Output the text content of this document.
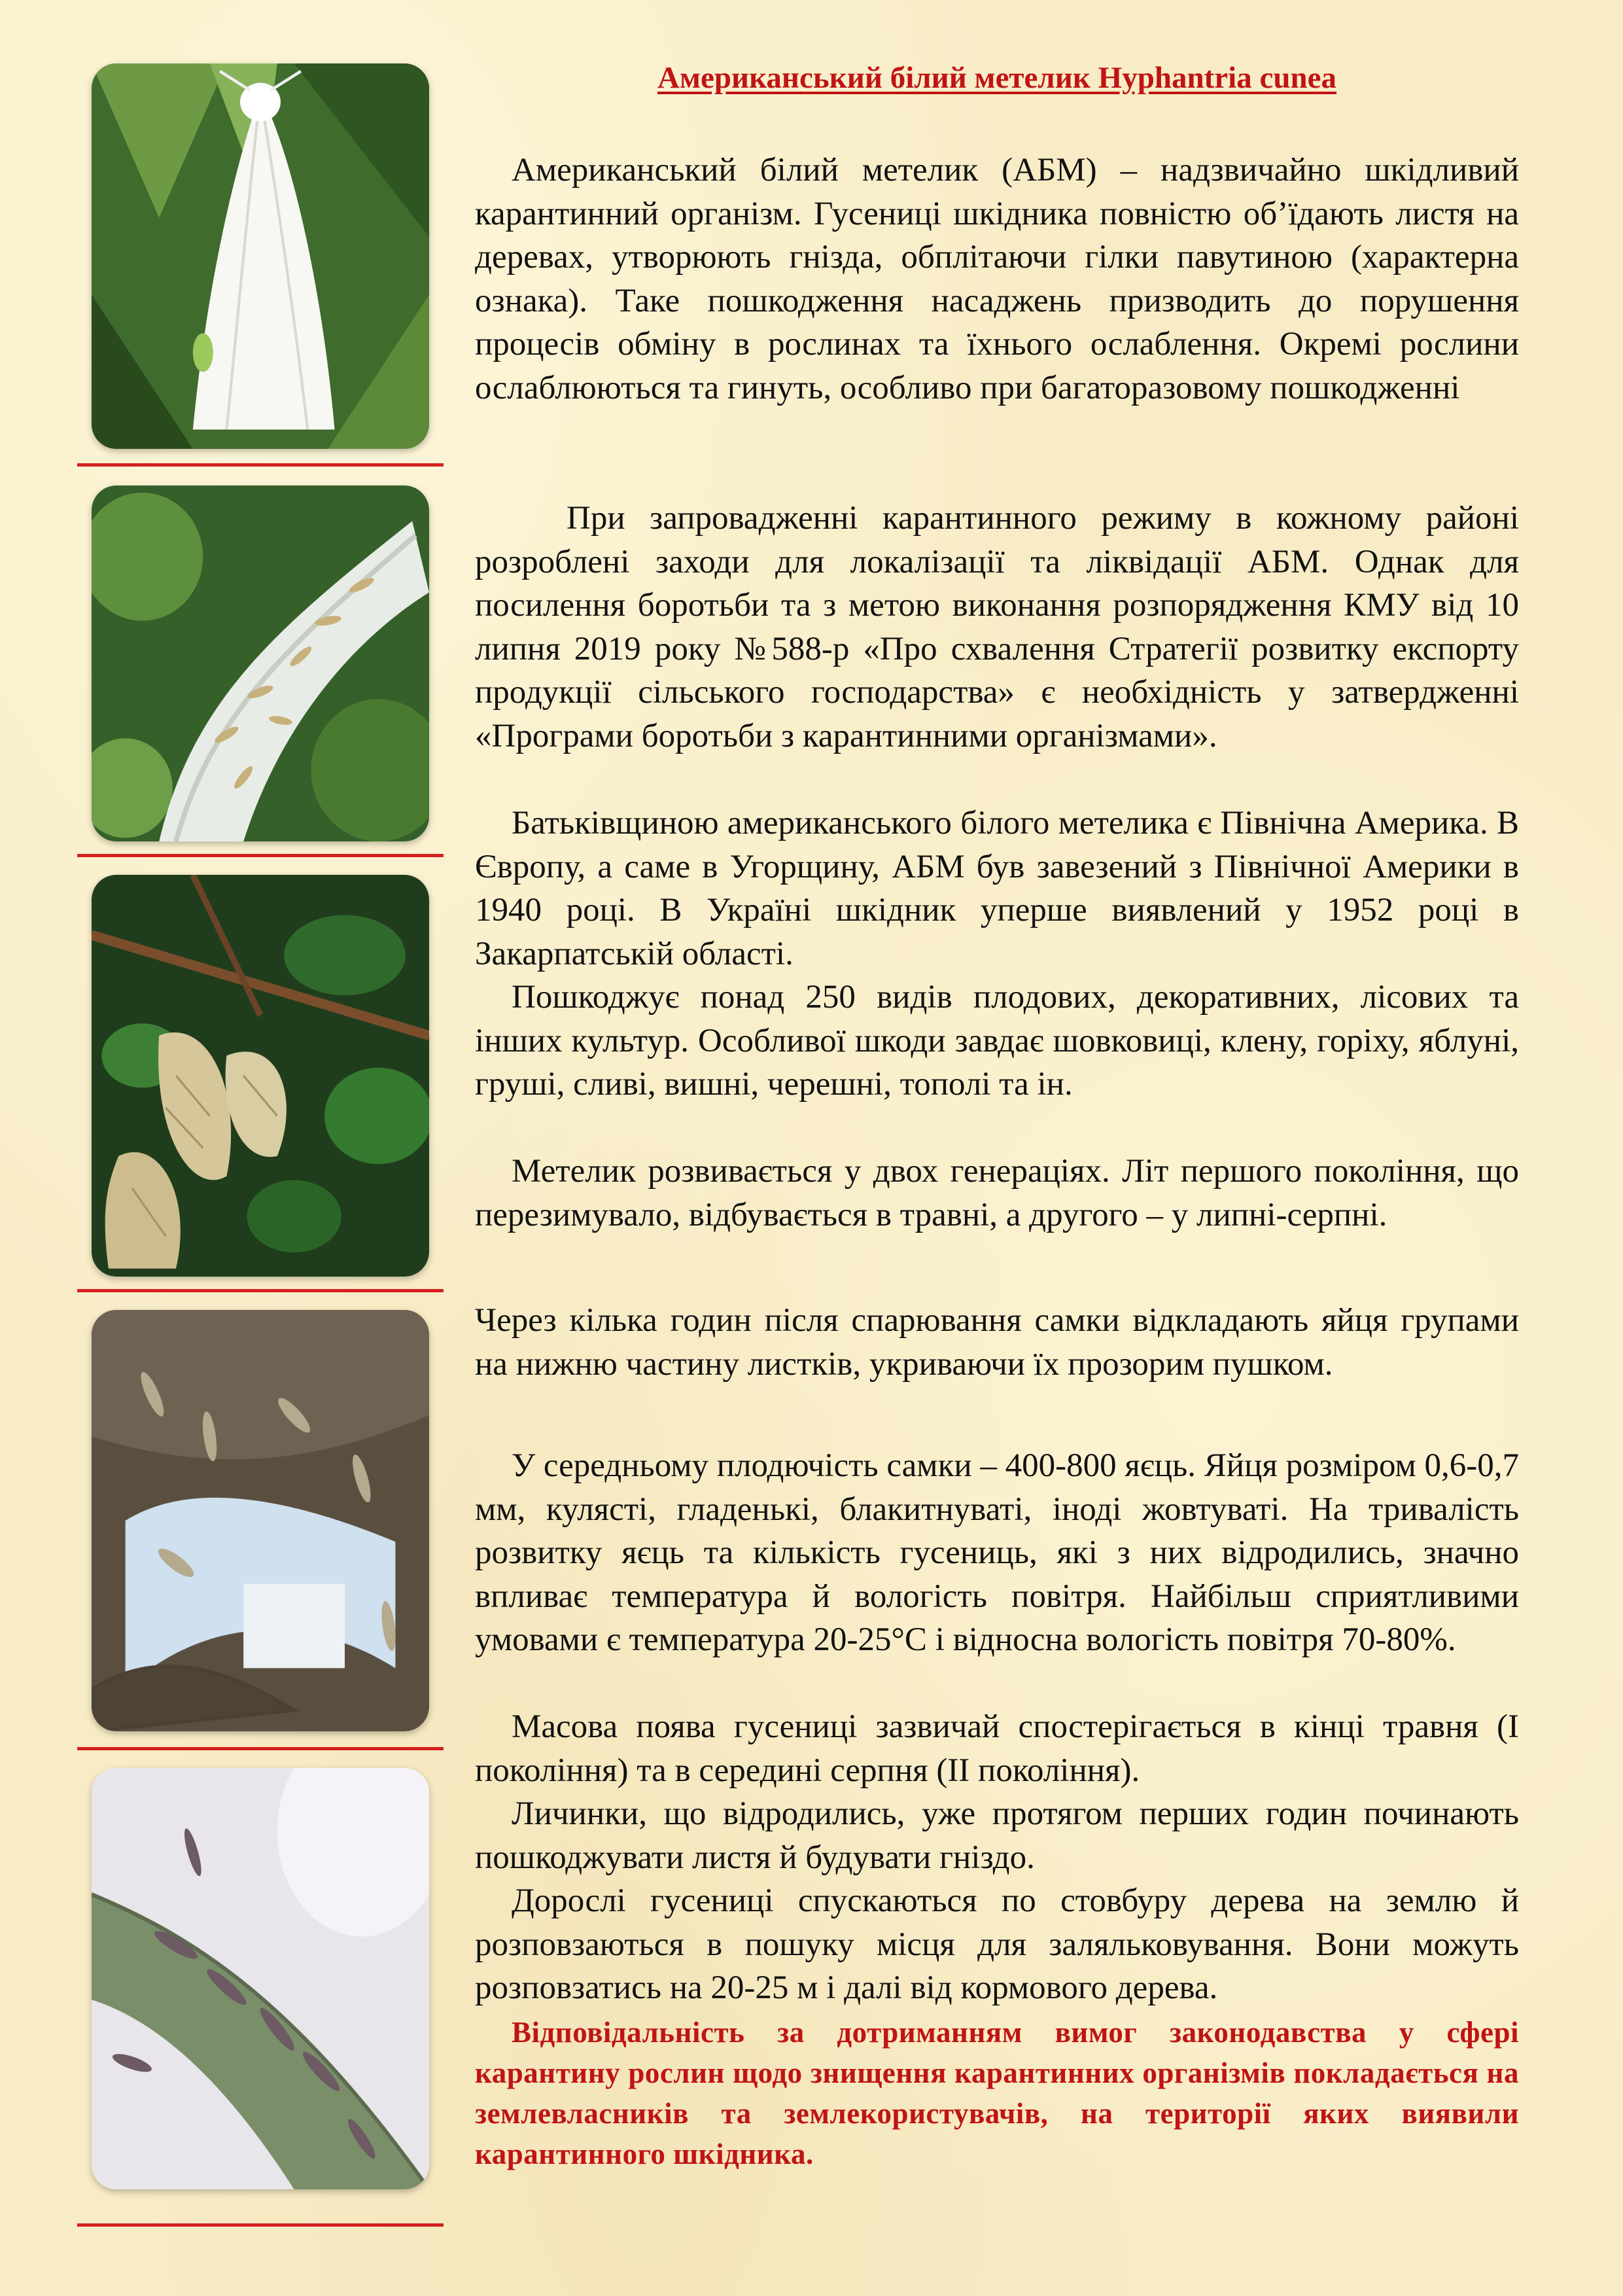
Американський білий метелик Hyphantria cunea

Американський білий метелик (АБМ) – надзвичайно шкідливий карантинний організм. Гусениці шкідника повністю об’їдають листя на деревах, утворюють гнізда, обплітаючи гілки павутиною (характерна ознака). Таке пошкодження насаджень призводить до порушення процесів обміну в рослинах та їхнього ослаблення. Окремі рослини ослаблюються та гинуть, особливо при багаторазовому пошкодженні

При запровадженні карантинного режиму в кожному районі розроблені заходи для локалізації та ліквідації АБМ. Однак для посилення боротьби та з метою виконання розпорядження КМУ від 10 липня 2019 року №588-р «Про схвалення Стратегії розвитку експорту продукції сільського господарства» є необхідність у затвердженні «Програми боротьби з карантинними організмами».

Батьківщиною американського білого метелика є Північна Америка. В Європу, а саме в Угорщину, АБМ був завезений з Північної Америки в 1940 році. В Україні шкідник уперше виявлений у 1952 році в Закарпатській області.

Пошкоджує понад 250 видів плодових, декоративних, лісових та інших культур. Особливої шкоди завдає шовковиці, клену, горіху, яблуні, груші, сливі, вишні, черешні, тополі та ін.

Метелик розвивається у двох генераціях. Літ першого покоління, що перезимувало, відбувається в травні, а другого – у липні-серпні.

Через кілька годин після спарювання самки відкладають яйця групами на нижню частину листків, укриваючи їх прозорим пушком.

У середньому плодючість самки – 400-800 яєць. Яйця розміром 0,6-0,7 мм, кулясті, гладенькі, блакитнуваті, іноді жовтуваті. На тривалість розвитку яєць та кількість гусениць, які з них відродились, значно впливає температура й вологість повітря. Найбільш сприятливими умовами є температура 20-25°С і відносна вологість повітря 70-80%.

Масова поява гусениці зазвичай спостерігається в кінці травня (І покоління) та в середині серпня (ІІ покоління).

Личинки, що відродились, уже протягом перших годин починають пошкоджувати листя й будувати гніздо.

Дорослі гусениці спускаються по стовбуру дерева на землю й розповзаються в пошуку місця для заляльковування. Вони можуть розповзатись на 20-25 м і далі від кормового дерева.

Відповідальність за дотриманням вимог законодавства у сфері карантину рослин щодо знищення карантинних організмів покладається на землевласників та землекористувачів, на території яких виявили карантинного шкідника.
